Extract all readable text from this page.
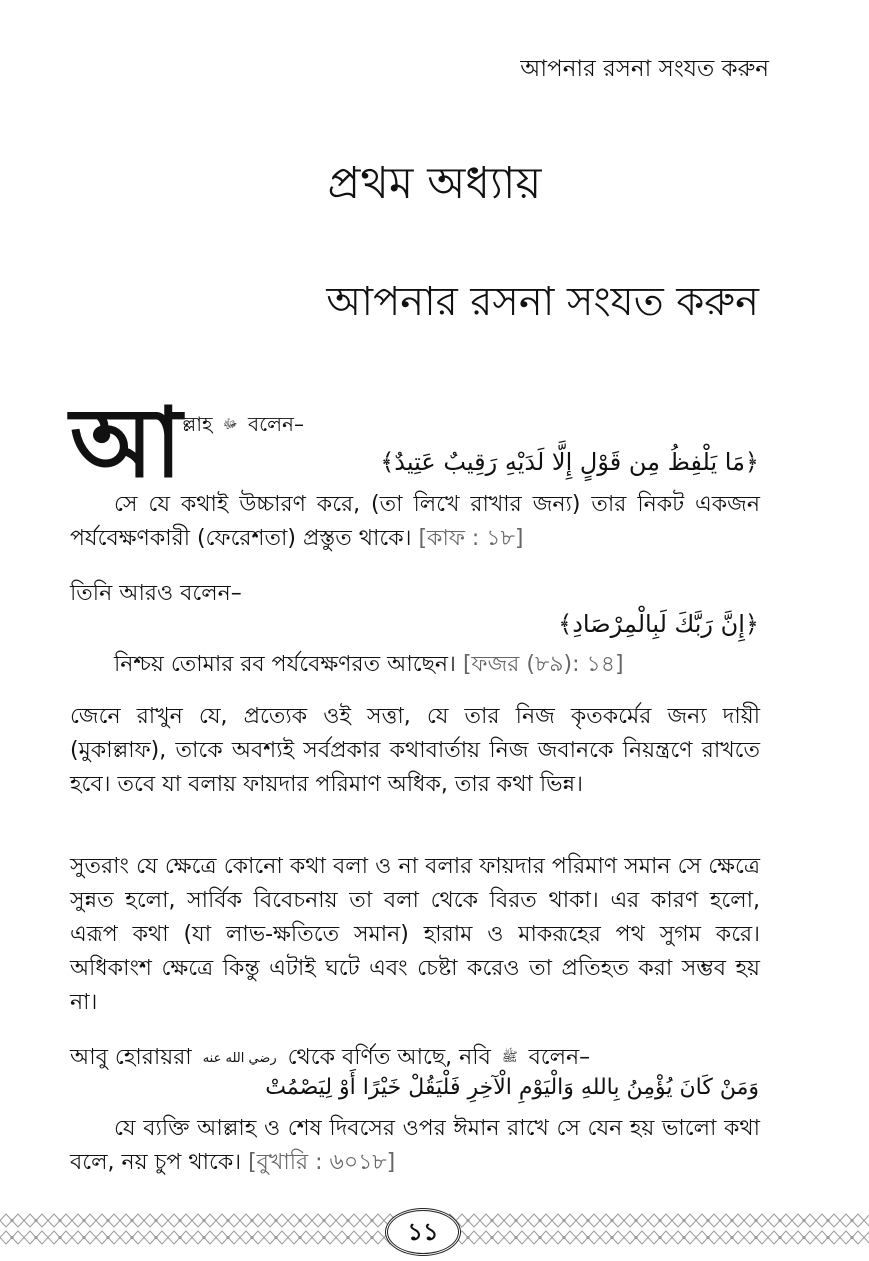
আপনার রসনা সংযত করুন
প্রথম অধ্যায়
আপনার রসনা সংযত করুন
আ ল্লাহ ﷻ বলেন–
﴿مَا يَلْفِظُ مِن قَوْلٍ إِلَّا لَدَيْهِ رَقِيبٌ عَتِيدٌ﴾
সে যে কথাই উচ্চারণ করে, (তা লিখে রাখার জন্য) তার নিকট একজন পর্যবেক্ষণকারী (ফেরেশতা) প্রস্তুত থাকে। [কাফ : ১৮]
তিনি আরও বলেন–
﴿إِنَّ رَبَّكَ لَبِالْمِرْصَادِ﴾
নিশ্চয় তোমার রব পর্যবেক্ষণরত আছেন। [ফজর (৮৯): ১৪]
জেনে রাখুন যে, প্রত্যেক ওই সত্তা, যে তার নিজ কৃতকর্মের জন্য দায়ী (মুকাল্লাফ), তাকে অবশ্যই সর্বপ্রকার কথাবার্তায় নিজ জবানকে নিয়ন্ত্রণে রাখতে হবে। তবে যা বলায় ফায়দার পরিমাণ অধিক, তার কথা ভিন্ন।
সুতরাং যে ক্ষেত্রে কোনো কথা বলা ও না বলার ফায়দার পরিমাণ সমান সে ক্ষেত্রে সুন্নত হলো, সার্বিক বিবেচনায় তা বলা থেকে বিরত থাকা। এর কারণ হলো, এরূপ কথা (যা লাভ-ক্ষতিতে সমান) হারাম ও মাকরূহের পথ সুগম করে। অধিকাংশ ক্ষেত্রে কিন্তু এটাই ঘটে এবং চেষ্টা করেও তা প্রতিহত করা সম্ভব হয় না।
আবু হোরায়রা رضي الله عنه থেকে বর্ণিত আছে, নবি ﷺ বলেন–
وَمَنْ كَانَ يُؤْمِنُ بِاللهِ وَالْيَوْمِ الْآخِرِ فَلْيَقُلْ خَيْرًا أَوْ لِيَصْمُتْ
যে ব্যক্তি আল্লাহ ও শেষ দিবসের ওপর ঈমান রাখে সে যেন হয় ভালো কথা বলে, নয় চুপ থাকে। [বুখারি : ৬০১৮]
১১
